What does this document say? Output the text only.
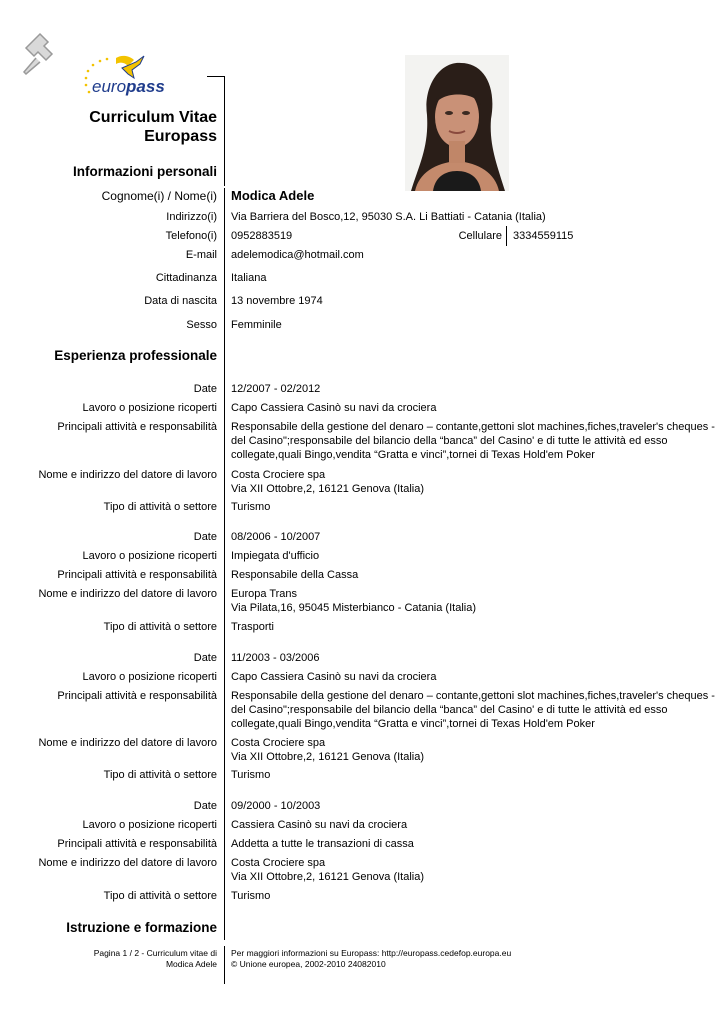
europass
Curriculum Vitae
Europass
Informazioni personali
Cognome(i) / Nome(i) Modica Adele
Indirizzo(i) Via Barriera del Bosco,12, 95030 S.A. Li Battiati - Catania (Italia)
Telefono(i) 0952883519	Cellulare 3334559115
E-mail adelemodica@hotmail.com
Cittadinanza Italiana
Data di nascita 13 novembre 1974
Sesso Femminile
Esperienza professionale
Date 12/2007 - 02/2012
Lavoro o posizione ricoperti Capo Cassiera Casinò su navi da crociera
Principali attività e responsabilità Responsabile della gestione del denaro – contante,gettoni slot machines,fiches,traveler's cheques -
del Casino";responsabile del bilancio della “banca” del Casino' e di tutte le attività ed esso
collegate,quali Bingo,vendita “Gratta e vinci”,tornei di Texas Hold'em Poker
Nome e indirizzo del datore di lavoro Costa Crociere spa
Via XII Ottobre,2, 16121 Genova (Italia)
Tipo di attività o settore Turismo
Date 08/2006 - 10/2007
Lavoro o posizione ricoperti Impiegata d'ufficio
Principali attività e responsabilità Responsabile della Cassa
Nome e indirizzo del datore di lavoro Europa Trans
Via Pilata,16, 95045 Misterbianco - Catania (Italia)
Tipo di attività o settore Trasporti
Date 11/2003 - 03/2006
Lavoro o posizione ricoperti Capo Cassiera Casinò su navi da crociera
Principali attività e responsabilità Responsabile della gestione del denaro – contante,gettoni slot machines,fiches,traveler's cheques -
del Casino";responsabile del bilancio della “banca” del Casino' e di tutte le attività ed esso
collegate,quali Bingo,vendita “Gratta e vinci”,tornei di Texas Hold'em Poker
Nome e indirizzo del datore di lavoro Costa Crociere spa
Via XII Ottobre,2, 16121 Genova (Italia)
Tipo di attività o settore Turismo
Date 09/2000 - 10/2003
Lavoro o posizione ricoperti Cassiera Casinò su navi da crociera
Principali attività e responsabilità Addetta a tutte le transazioni di cassa
Nome e indirizzo del datore di lavoro Costa Crociere spa
Via XII Ottobre,2, 16121 Genova (Italia)
Tipo di attività o settore Turismo
Istruzione e formazione
Pagina 1 / 2 - Curriculum vitae di
Modica Adele
Per maggiori informazioni su Europass: http://europass.cedefop.europa.eu
© Unione europea, 2002-2010 24082010
